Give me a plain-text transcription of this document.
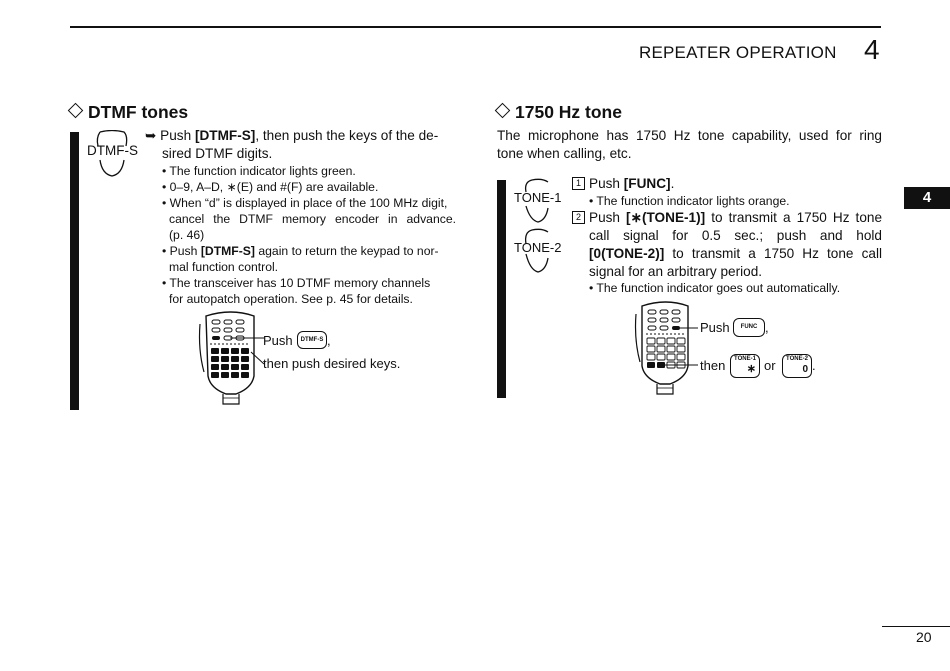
REPEATER OPERATION 4
4
DTMF tones
DTMF-S
➥ Push [DTMF-S], then push the keys of the de-
sired DTMF digits.
• The function indicator lights green.
• 0–9, A–D, ∗(E) and #(F) are available.
• When “d” is displayed in place of the 100 MHz digit,
cancel the DTMF memory encoder in advance.
(p. 46)
• Push [DTMF-S] again to return the keypad to nor-
mal function control.
• The transceiver has 10 DTMF memory channels
for autopatch operation. See p. 45 for details.
Push	DTMF-S ,
then push desired keys.
1750 Hz tone
The microphone has 1750 Hz tone capability, used for ring
tone when calling, etc.
TONE-1
TONE-2
1 Push [FUNC].
• The function indicator lights orange.
2 Push [∗(TONE-1)] to transmit a 1750 Hz tone
call signal for 0.5 sec.; push and hold
[0(TONE-2)] to transmit a 1750 Hz tone call
signal for an arbitrary period.
• The function indicator goes out automatically.
Push	FUNC ,
then	TONE-1
∗ or	TONE-2
0 .
20
